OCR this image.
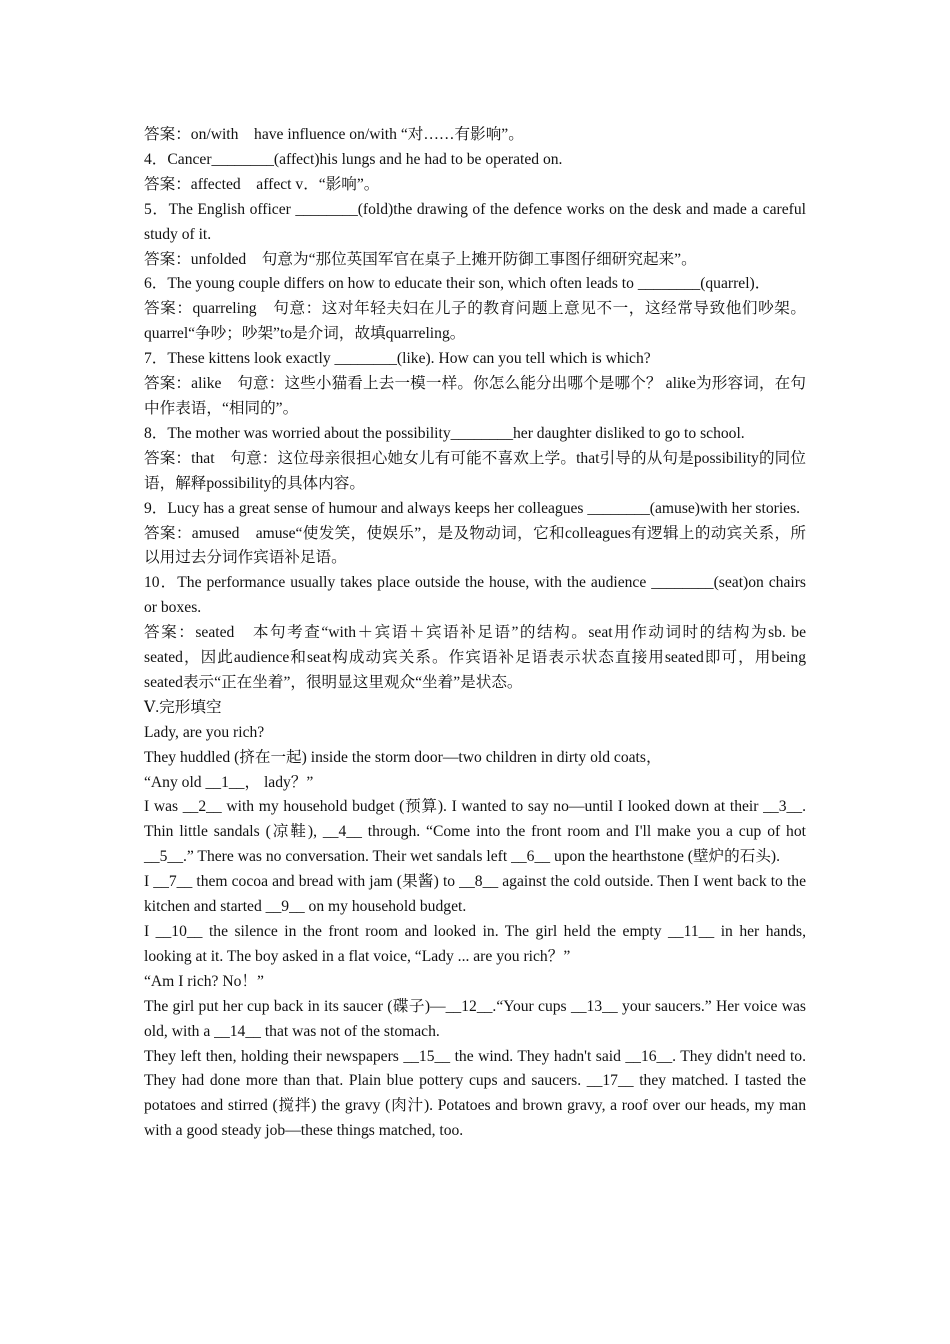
答案：on/with　have influence on/with “对……有影响”。

4．Cancer________(affect)his lungs and he had to be operated on.

答案：affected　affect v．“影响”。

5．The English officer ________(fold)the drawing of the defence works on the desk and made a careful study of it.

答案：unfolded　句意为“那位英国军官在桌子上摊开防御工事图仔细研究起来”。

6．The young couple differs on how to educate their son, which often leads to ________(quarrel)．

答案：quarreling　句意：这对年轻夫妇在儿子的教育问题上意见不一，这经常导致他们吵架。quarrel“争吵；吵架”to是介词，故填quarreling。

7．These kittens look exactly ________(like). How can you tell which is which?

答案：alike　句意：这些小猫看上去一模一样。你怎么能分出哪个是哪个？ alike为形容词，在句中作表语，“相同的”。

8．The mother was worried about the possibility________her daughter disliked to go to school.

答案：that　句意：这位母亲很担心她女儿有可能不喜欢上学。that引导的从句是possibility的同位语，解释possibility的具体内容。

9．Lucy has a great sense of humour and always keeps her colleagues ________(amuse)with her stories.

答案：amused　amuse“使发笑，使娱乐”，是及物动词，它和colleagues有逻辑上的动宾关系，所以用过去分词作宾语补足语。

10．The performance usually takes place outside the house, with the audience ________(seat)on chairs or boxes.

答案：seated　本句考查“with＋宾语＋宾语补足语”的结构。seat用作动词时的结构为sb. be seated，因此audience和seat构成动宾关系。作宾语补足语表示状态直接用seated即可，用being seated表示“正在坐着”，很明显这里观众“坐着”是状态。

Ⅴ.完形填空

Lady, are you rich?

They huddled (挤在一起) inside the storm door—two children in dirty old coats，

“Any old __1__， lady？”

I was __2__ with my household budget (预算). I wanted to say no—until I looked down at their __3__. Thin little sandals (凉鞋), __4__ through. “Come into the front room and I'll make you a cup of hot __5__.” There was no conversation. Their wet sandals left __6__ upon the hearthstone (壁炉的石头).

I __7__ them cocoa and bread with jam (果酱) to __8__ against the cold outside. Then I went back to the kitchen and started __9__ on my household budget.

I __10__ the silence in the front room and looked in. The girl held the empty __11__ in her hands, looking at it. The boy asked in a flat voice, “Lady ... are you rich？”

“Am I rich? No！”

The girl put her cup back in its saucer (碟子)—__12__.“Your cups __13__ your saucers.” Her voice was old, with a __14__ that was not of the stomach.

They left then, holding their newspapers __15__ the wind. They hadn't said __16__. They didn't need to. They had done more than that. Plain blue pottery cups and saucers. __17__ they matched. I tasted the potatoes and stirred (搅拌) the gravy (肉汁). Potatoes and brown gravy, a roof over our heads, my man with a good steady job—these things matched, too.
